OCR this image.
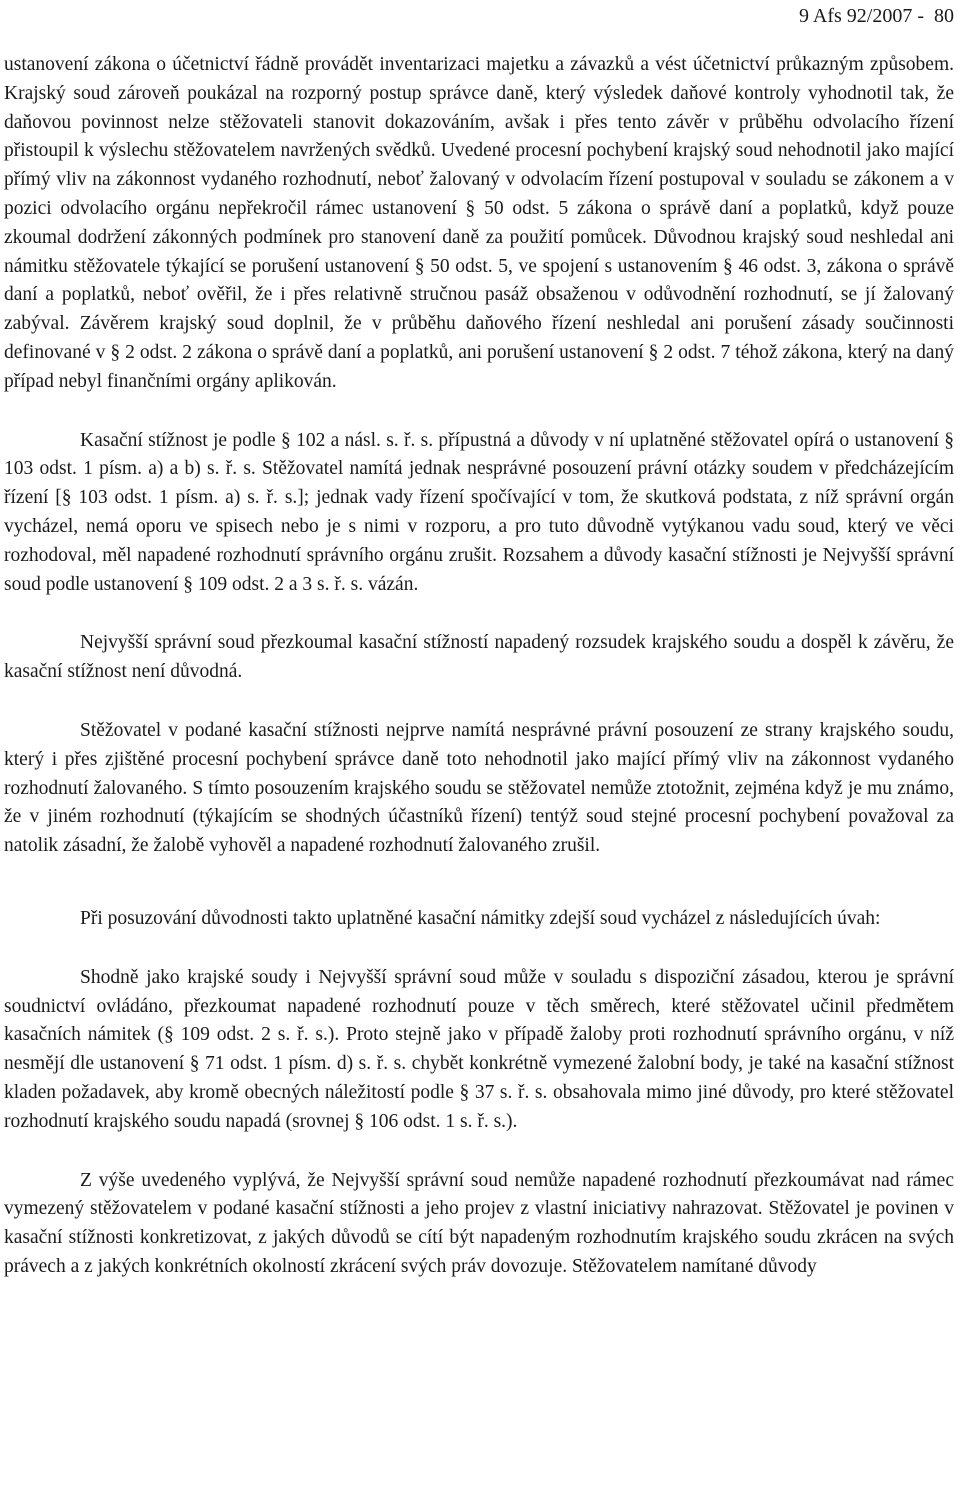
9 Afs 92/2007 -  80

ustanovení zákona o účetnictví řádně provádět inventarizaci majetku a závazků a vést účetnictví průkazným způsobem. Krajský soud zároveň poukázal na rozporný postup správce daně, který výsledek daňové kontroly vyhodnotil tak, že daňovou povinnost nelze stěžovateli stanovit dokazováním, avšak i přes tento závěr v průběhu odvolacího řízení přistoupil k výslechu stěžovatelem navržených svědků. Uvedené procesní pochybení krajský soud nehodnotil jako mající přímý vliv na zákonnost vydaného rozhodnutí, neboť žalovaný v odvolacím řízení postupoval v souladu se zákonem a v pozici odvolacího orgánu nepřekročil rámec ustanovení § 50 odst. 5 zákona o správě daní a poplatků, když pouze zkoumal dodržení zákonných podmínek pro stanovení daně za použití pomůcek. Důvodnou krajský soud neshledal ani námitku stěžovatele týkající se porušení ustanovení § 50 odst. 5, ve spojení s ustanovením § 46 odst. 3, zákona o správě daní a poplatků, neboť ověřil, že i přes relativně stručnou pasáž obsaženou v odůvodnění rozhodnutí, se jí žalovaný zabýval. Závěrem krajský soud doplnil, že v průběhu daňového řízení neshledal ani porušení zásady součinnosti definované v § 2 odst. 2 zákona o správě daní a poplatků, ani porušení ustanovení § 2 odst. 7 téhož zákona, který na daný případ nebyl finančními orgány aplikován.

Kasační stížnost je podle § 102 a násl. s. ř. s. přípustná a důvody v ní uplatněné stěžovatel opírá o ustanovení § 103 odst. 1 písm. a) a b) s. ř. s. Stěžovatel namítá jednak nesprávné posouzení právní otázky soudem v předcházejícím řízení [§ 103 odst. 1 písm. a) s. ř. s.]; jednak vady řízení spočívající v tom, že skutková podstata, z níž správní orgán vycházel, nemá oporu ve spisech nebo je s nimi v rozporu, a pro tuto důvodně vytýkanou vadu soud, který ve věci rozhodoval, měl napadené rozhodnutí správního orgánu zrušit. Rozsahem a důvody kasační stížnosti je Nejvyšší správní soud podle ustanovení § 109 odst. 2 a 3 s. ř. s. vázán.

Nejvyšší správní soud přezkoumal kasační stížností napadený rozsudek krajského soudu a dospěl k závěru, že kasační stížnost není důvodná.

Stěžovatel v podané kasační stížnosti nejprve namítá nesprávné právní posouzení ze strany krajského soudu, který i přes zjištěné procesní pochybení správce daně toto nehodnotil jako mající přímý vliv na zákonnost vydaného rozhodnutí žalovaného. S tímto posouzením krajského soudu se stěžovatel nemůže ztotožnit, zejména když je mu známo, že v jiném rozhodnutí (týkajícím se shodných účastníků řízení) tentýž soud stejné procesní pochybení považoval za natolik zásadní, že žalobě vyhověl a napadené rozhodnutí žalovaného zrušil.

Při posuzování důvodnosti takto uplatněné kasační námitky zdejší soud vycházel z následujících úvah:

Shodně jako krajské soudy i Nejvyšší správní soud může v souladu s dispoziční zásadou, kterou je správní soudnictví ovládáno, přezkoumat napadené rozhodnutí pouze v těch směrech, které stěžovatel učinil předmětem kasačních námitek (§ 109 odst. 2 s. ř. s.). Proto stejně jako v případě žaloby proti rozhodnutí správního orgánu, v níž nesmějí dle ustanovení § 71 odst. 1 písm. d) s. ř. s. chybět konkrétně vymezené žalobní body, je také na kasační stížnost kladen požadavek, aby kromě obecných náležitostí podle § 37 s. ř. s. obsahovala mimo jiné důvody, pro které stěžovatel rozhodnutí krajského soudu napadá (srovnej § 106 odst. 1 s. ř. s.).

Z výše uvedeného vyplývá, že Nejvyšší správní soud nemůže napadené rozhodnutí přezkoumávat nad rámec vymezený stěžovatelem v podané kasační stížnosti a jeho projev z vlastní iniciativy nahrazovat. Stěžovatel je povinen v kasační stížnosti konkretizovat, z jakých důvodů se cítí být napadeným rozhodnutím krajského soudu zkrácen na svých právech a z jakých konkrétních okolností zkrácení svých práv dovozuje. Stěžovatelem namítané důvody
